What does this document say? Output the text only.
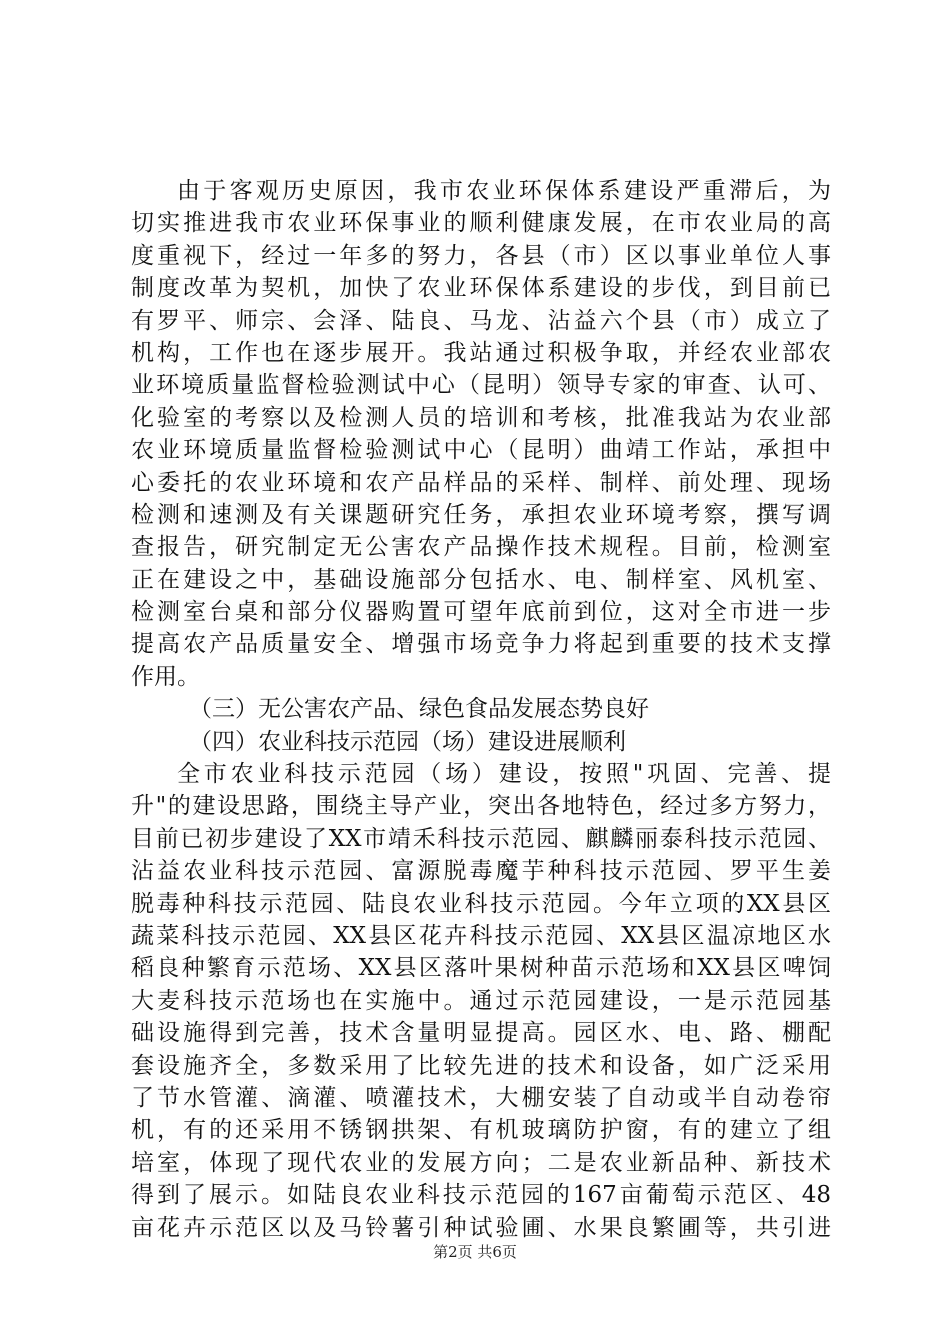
由于客观历史原因，我市农业环保体系建设严重滞后，为
切实推进我市农业环保事业的顺利健康发展，在市农业局的高
度重视下，经过一年多的努力，各县（市）区以事业单位人事
制度改革为契机，加快了农业环保体系建设的步伐，到目前已
有罗平、师宗、会泽、陆良、马龙、沾益六个县（市）成立了
机构，工作也在逐步展开。我站通过积极争取，并经农业部农
业环境质量监督检验测试中心（昆明）领导专家的审查、认可、
化验室的考察以及检测人员的培训和考核，批准我站为农业部
农业环境质量监督检验测试中心（昆明）曲靖工作站，承担中
心委托的农业环境和农产品样品的采样、制样、前处理、现场
检测和速测及有关课题研究任务，承担农业环境考察，撰写调
查报告，研究制定无公害农产品操作技术规程。目前，检测室
正在建设之中，基础设施部分包括水、电、制样室、风机室、
检测室台桌和部分仪器购置可望年底前到位，这对全市进一步
提高农产品质量安全、增强市场竞争力将起到重要的技术支撑
作用。
（三）无公害农产品、绿色食品发展态势良好
（四）农业科技示范园（场）建设进展顺利
全市农业科技示范园（场）建设，按照"巩固、完善、提
升"的建设思路，围绕主导产业，突出各地特色，经过多方努力，
目前已初步建设了XX市靖禾科技示范园、麒麟丽泰科技示范园、
沾益农业科技示范园、富源脱毒魔芋种科技示范园、罗平生姜
脱毒种科技示范园、陆良农业科技示范园。今年立项的XX县区
蔬菜科技示范园、XX县区花卉科技示范园、XX县区温凉地区水
稻良种繁育示范场、XX县区落叶果树种苗示范场和XX县区啤饲
大麦科技示范场也在实施中。通过示范园建设，一是示范园基
础设施得到完善，技术含量明显提高。园区水、电、路、棚配
套设施齐全，多数采用了比较先进的技术和设备，如广泛采用
了节水管灌、滴灌、喷灌技术，大棚安装了自动或半自动卷帘
机，有的还采用不锈钢拱架、有机玻璃防护窗，有的建立了组
培室，体现了现代农业的发展方向；二是农业新品种、新技术
得到了展示。如陆良农业科技示范园的167亩葡萄示范区、48
亩花卉示范区以及马铃薯引种试验圃、水果良繁圃等，共引进
第2页 共6页
